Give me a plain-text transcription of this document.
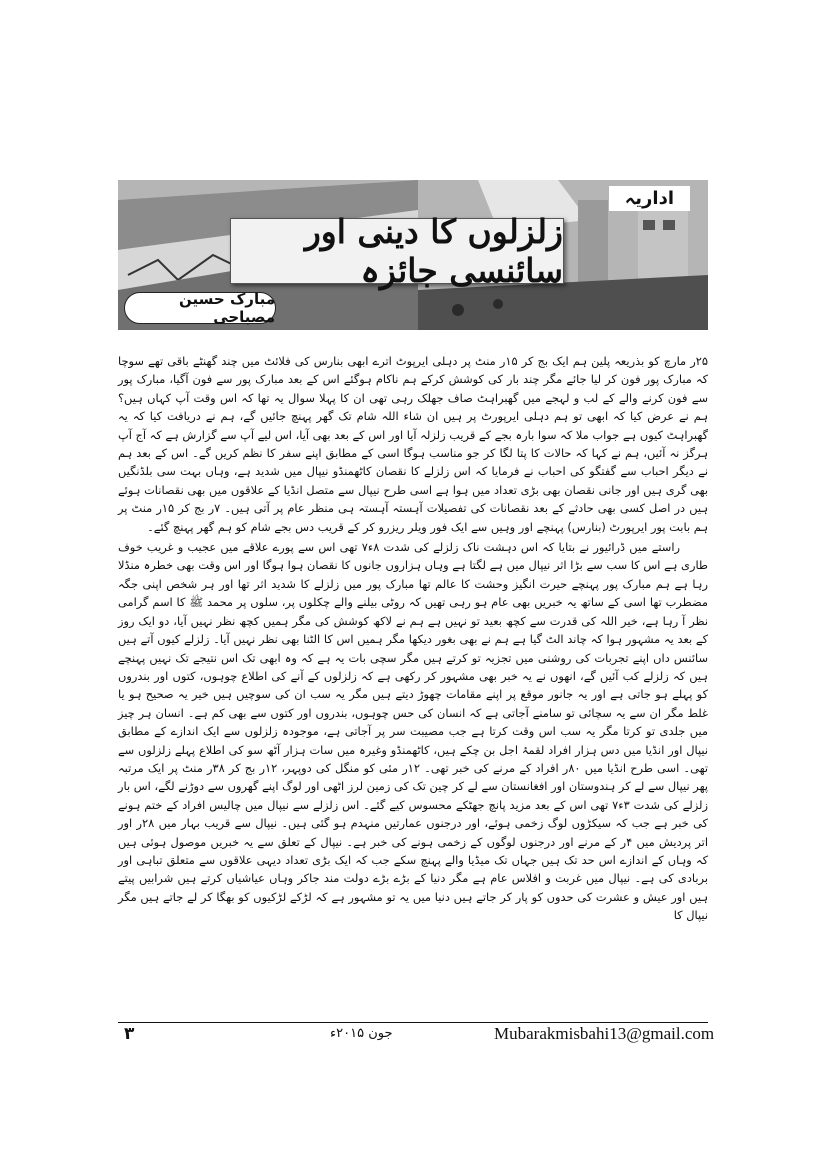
اداریہ
زلزلوں کا دینی اور سائنسی جائزہ
مبارک حسین مصباحی

۲۵ر مارچ کو بذریعہ پلین ہم ایک بج کر ۱۵ر منٹ پر دہلی ایرپوٹ اترے ابھی بنارس کی فلائٹ میں چند گھنٹے باقی تھے سوچا کہ مبارک پور فون کر لیا جائے مگر چند بار کی کوشش کرکے ہم ناکام ہوگئے اس کے بعد مبارک پور سے فون آگیا، مبارک پور سے فون کرنے والے کے لب و لہجے میں گھبراہٹ صاف جھلک رہی تھی ان کا پہلا سوال یہ تھا کہ اس وقت آپ کہاں ہیں؟ ہم نے عرض کیا کہ ابھی تو ہم دہلی ایرپورٹ پر ہیں ان شاء اللہ شام تک گھر پہنچ جائیں گے، ہم نے دریافت کیا کہ یہ گھبراہٹ کیوں ہے جواب ملا کہ سوا بارہ بجے کے قریب زلزلہ آیا اور اس کے بعد بھی آیا، اس لیے آپ سے گزارش ہے کہ آج آپ ہرگز نہ آئیں، ہم نے کہا کہ حالات کا پتا لگا کر جو مناسب ہوگا اسی کے مطابق اپنے سفر کا نظم کریں گے۔ اس کے بعد ہم نے دیگر احباب سے گفتگو کی احباب نے فرمایا کہ اس زلزلے کا نقصان کاٹھمنڈو نیپال میں شدید ہے، وہاں بہت سی بلڈنگیں بھی گری ہیں اور جانی نقصان بھی بڑی تعداد میں ہوا ہے اسی طرح نیپال سے متصل انڈیا کے علاقوں میں بھی نقصانات ہوئے ہیں در اصل کسی بھی حادثے کے بعد نقصانات کی تفصیلات آہستہ آہستہ ہی منظر عام پر آتی ہیں۔ ۷ر بج کر ۱۵ر منٹ پر ہم بابت پور ایرپورٹ (بنارس) پہنچے اور وہیں سے ایک فور ویلر ریزرو کر کے قریب دس بجے شام کو ہم گھر پہنچ گئے۔

راستے میں ڈرائیور نے بتایا کہ اس دہشت ناک زلزلے کی شدت ۸ء۷ تھی اس سے پورے علاقے میں عجیب و غریب خوف طاری ہے اس کا سب سے بڑا اثر نیپال میں ہے لگتا ہے وہاں ہزاروں جانوں کا نقصان ہوا ہوگا اور اس وقت بھی خطرہ منڈلا رہا ہے ہم مبارک پور پہنچے حیرت انگیز وحشت کا عالم تھا مبارک پور میں زلزلے کا شدید اثر تھا اور ہر شخص اپنی جگہ مضطرب تھا اسی کے ساتھ یہ خبریں بھی عام ہو رہی تھیں کہ روٹی بیلنے والے چکلوں پر، سلوں پر محمد ﷺ کا اسم گرامی نظر آ رہا ہے، خیر اللہ کی قدرت سے کچھ بعید تو نہیں ہے ہم نے لاکھ کوشش کی مگر ہمیں کچھ نظر نہیں آیا، دو ایک روز کے بعد یہ مشہور ہوا کہ چاند الٹ گیا ہے ہم نے بھی بغور دیکھا مگر ہمیں اس کا الٹنا بھی نظر نہیں آیا۔ زلزلے کیوں آتے ہیں سائنس داں اپنے تجربات کی روشنی میں تجزیہ تو کرتے ہیں مگر سچی بات یہ ہے کہ وہ ابھی تک اس نتیجے تک نہیں پہنچے ہیں کہ زلزلے کب آئیں گے، انھوں نے یہ خبر بھی مشہور کر رکھی ہے کہ زلزلوں کے آنے کی اطلاع چوہوں، کتوں اور بندروں کو پہلے ہو جاتی ہے اور یہ جانور موقع پر اپنے مقامات چھوڑ دیتے ہیں مگر یہ سب ان کی سوچیں ہیں خیر یہ صحیح ہو یا غلط مگر ان سے یہ سچائی تو سامنے آجاتی ہے کہ انسان کی حس چوہوں، بندروں اور کتوں سے بھی کم ہے۔ انسان ہر چیز میں جلدی تو کرتا مگر یہ سب اس وقت کرتا ہے جب مصیبت سر پر آجاتی ہے، موجودہ زلزلوں سے ایک اندازے کے مطابق نیپال اور انڈیا میں دس ہزار افراد لقمۂ اجل بن چکے ہیں، کاٹھمنڈو وغیرہ میں سات ہزار آٹھ سو کی اطلاع پہلے زلزلوں سے تھی۔ اسی طرح انڈیا میں ۸۰ر افراد کے مرنے کی خبر تھی۔ ۱۲ر مئی کو منگل کی دوپہر، ۱۲ر بج کر ۳۸ر منٹ پر ایک مرتبہ پھر نیپال سے لے کر ہندوستان اور افغانستان سے لے کر چین تک کی زمین لرز اٹھی اور لوگ اپنے گھروں سے دوڑنے لگے، اس بار زلزلے کی شدت ۳ء۷ تھی اس کے بعد مزید پانچ جھٹکے محسوس کیے گئے۔ اس زلزلے سے نیپال میں چالیس افراد کے ختم ہونے کی خبر ہے جب کہ سیکڑوں لوگ زخمی ہوئے، اور درجنوں عمارتیں منہدم ہو گئی ہیں۔ نیپال سے قریب بہار میں ۲۸ر اور اتر پردیش میں ۴ر کے مرنے اور درجنوں لوگوں کے زخمی ہونے کی خبر ہے۔ نیپال کے تعلق سے یہ خبریں موصول ہوئی ہیں کہ وہاں کے اندازے اس حد تک ہیں جہاں تک میڈیا والے پہنچ سکے جب کہ ایک بڑی تعداد دیہی علاقوں سے متعلق تباہی اور بربادی کی ہے۔ نیپال میں غربت و افلاس عام ہے مگر دنیا کے بڑے بڑے دولت مند جاکر وہاں عیاشیاں کرتے ہیں شرابیں پیتے ہیں اور عیش و عشرت کی حدوں کو پار کر جاتے ہیں دنیا میں یہ تو مشہور ہے کہ لڑکے لڑکیوں کو بھگا کر لے جاتے ہیں مگر نیپال کا

Mubarakmisbahi13@gmail.com
جون ۲۰۱۵ء
٣
